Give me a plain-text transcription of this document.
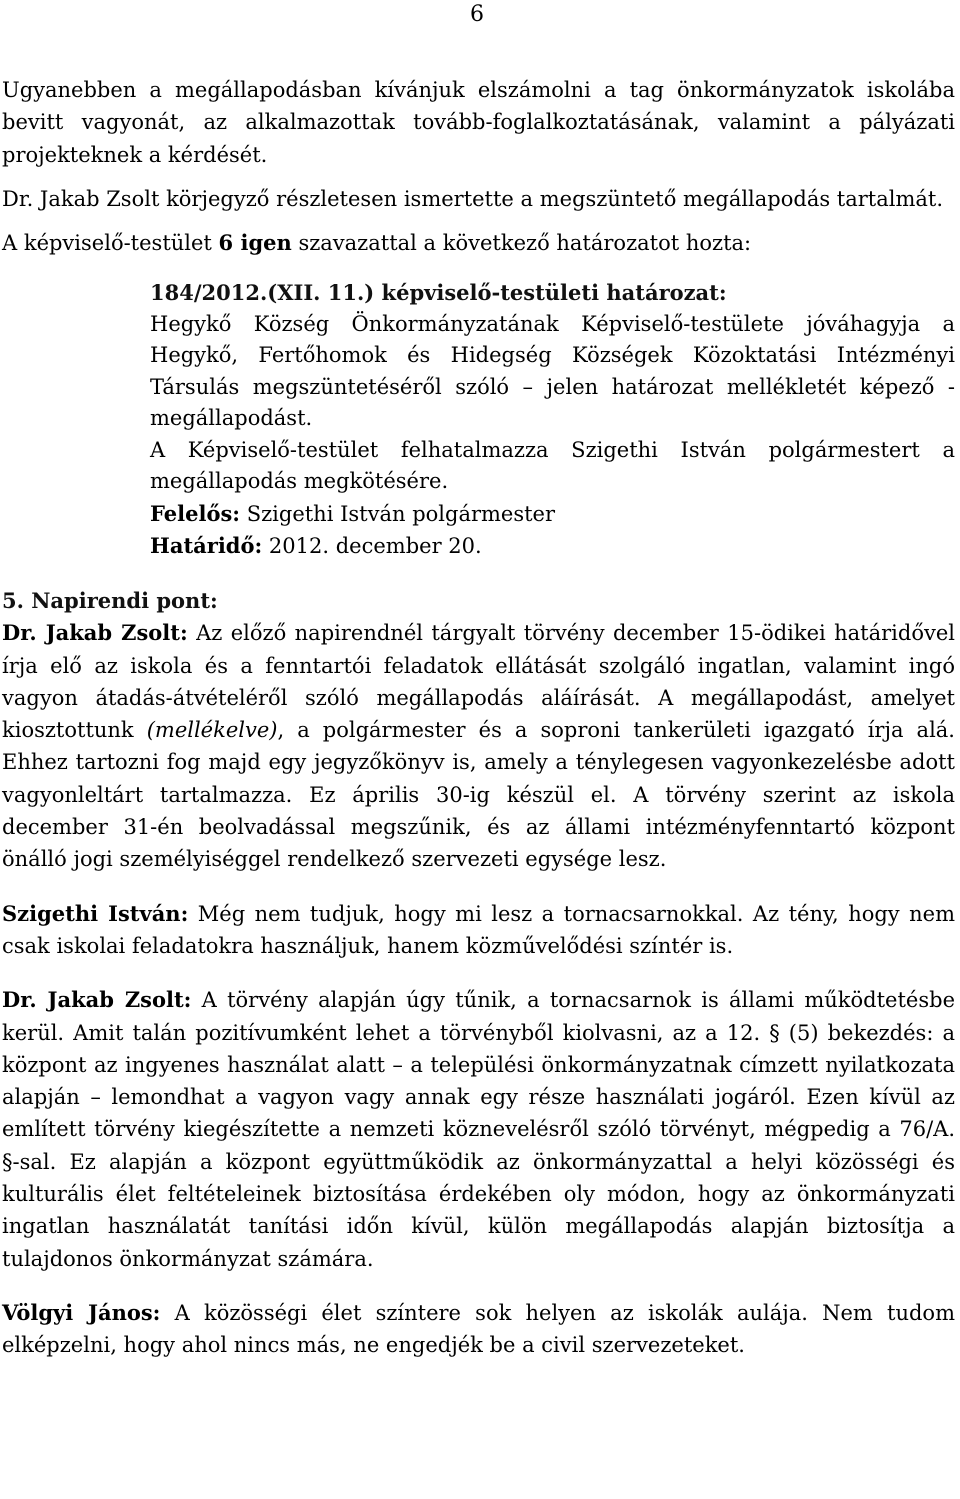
6

Ugyanebben a megállapodásban kívánjuk elszámolni a tag önkormányzatok iskolába bevitt vagyonát, az alkalmazottak tovább-foglalkoztatásának, valamint a pályázati projekteknek a kérdését.

Dr. Jakab Zsolt körjegyző részletesen ismertette a megszüntető megállapodás tartalmát.

A képviselő-testület 6 igen szavazattal a következő határozatot hozta:

184/2012.(XII. 11.) képviselő-testületi határozat:

Hegykő Község Önkormányzatának Képviselő-testülete jóváhagyja a Hegykő, Fertőhomok és Hidegség Községek Közoktatási Intézményi Társulás megszüntetéséről szóló – jelen határozat mellékletét képező - megállapodást.

A Képviselő-testület felhatalmazza Szigethi István polgármestert a megállapodás megkötésére.

Felelős: Szigethi István polgármester

Határidő: 2012. december 20.

5. Napirendi pont:

Dr. Jakab Zsolt: Az előző napirendnél tárgyalt törvény december 15-ödikei határidővel írja elő az iskola és a fenntartói feladatok ellátását szolgáló ingatlan, valamint ingó vagyon átadás-átvételéről szóló megállapodás aláírását. A megállapodást, amelyet kiosztottunk (mellékelve), a polgármester és a soproni tankerületi igazgató írja alá. Ehhez tartozni fog majd egy jegyzőkönyv is, amely a ténylegesen vagyonkezelésbe adott vagyonleltárt tartalmazza. Ez április 30-ig készül el. A törvény szerint az iskola december 31-én beolvadással megszűnik, és az állami intézményfenntartó központ önálló jogi személyiséggel rendelkező szervezeti egysége lesz.

Szigethi István: Még nem tudjuk, hogy mi lesz a tornacsarnokkal. Az tény, hogy nem csak iskolai feladatokra használjuk, hanem közművelődési színtér is.

Dr. Jakab Zsolt: A törvény alapján úgy tűnik, a tornacsarnok is állami működtetésbe kerül. Amit talán pozitívumként lehet a törvényből kiolvasni, az a 12. § (5) bekezdés: a központ az ingyenes használat alatt – a települési önkormányzatnak címzett nyilatkozata alapján – lemondhat a vagyon vagy annak egy része használati jogáról. Ezen kívül az említett törvény kiegészítette a nemzeti köznevelésről szóló törvényt, mégpedig a 76/A. §-sal. Ez alapján a központ együttműködik az önkormányzattal a helyi közösségi és kulturális élet feltételeinek biztosítása érdekében oly módon, hogy az önkormányzati ingatlan használatát tanítási időn kívül, külön megállapodás alapján biztosítja a tulajdonos önkormányzat számára.

Völgyi János: A közösségi élet színtere sok helyen az iskolák aulája. Nem tudom elképzelni, hogy ahol nincs más, ne engedjék be a civil szervezeteket.
